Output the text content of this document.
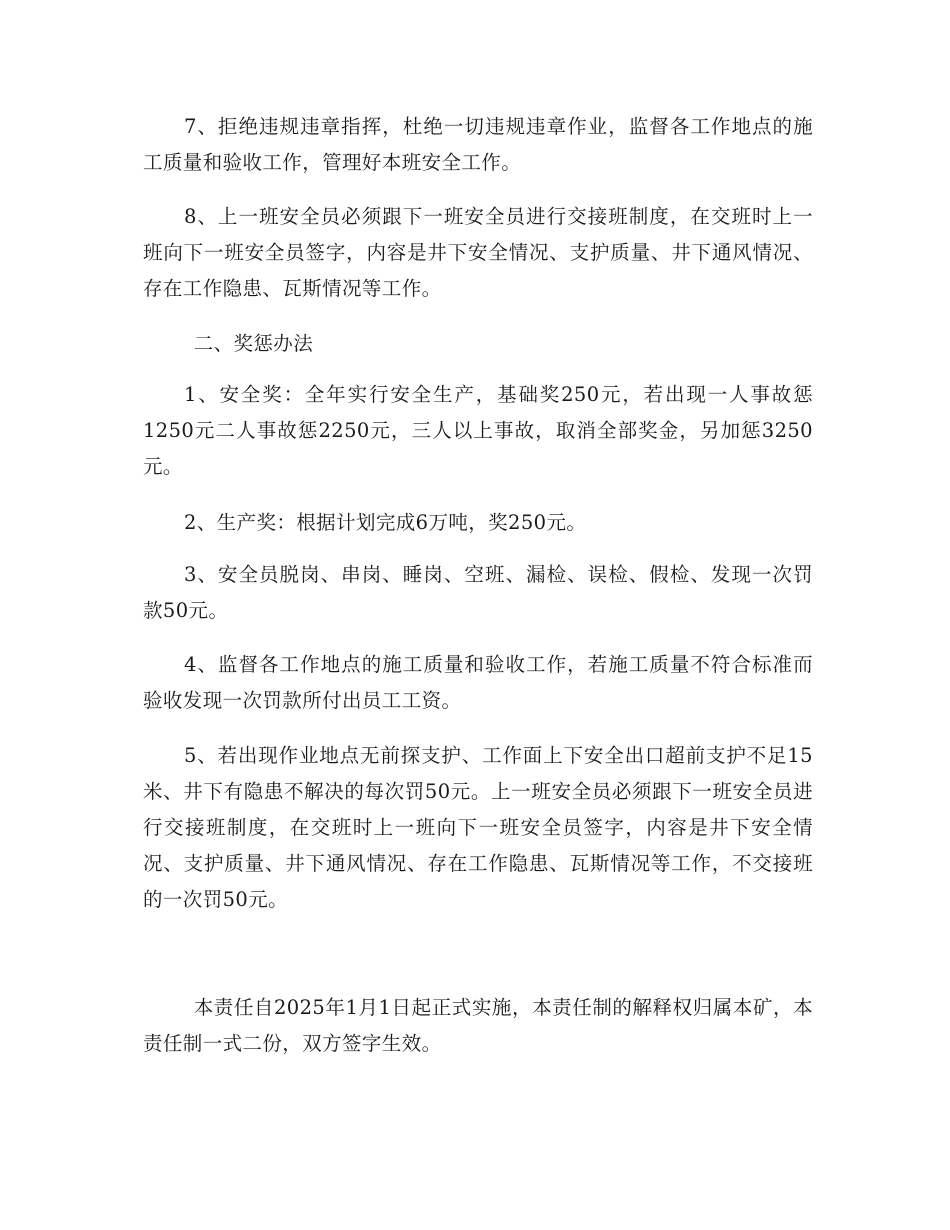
7、拒绝违规违章指挥，杜绝一切违规违章作业，监督各工作地点的施工质量和验收工作，管理好本班安全工作。

8、上一班安全员必须跟下一班安全员进行交接班制度，在交班时上一班向下一班安全员签字，内容是井下安全情况、支护质量、井下通风情况、存在工作隐患、瓦斯情况等工作。

二、奖惩办法

1、安全奖：全年实行安全生产，基础奖250元，若出现一人事故惩1250元二人事故惩2250元，三人以上事故，取消全部奖金，另加惩3250元。

2、生产奖：根据计划完成6万吨，奖250元。

3、安全员脱岗、串岗、睡岗、空班、漏检、误检、假检、发现一次罚款50元。

4、监督各工作地点的施工质量和验收工作，若施工质量不符合标准而验收发现一次罚款所付出员工工资。

5、若出现作业地点无前探支护、工作面上下安全出口超前支护不足15米、井下有隐患不解决的每次罚50元。上一班安全员必须跟下一班安全员进行交接班制度，在交班时上一班向下一班安全员签字，内容是井下安全情况、支护质量、井下通风情况、存在工作隐患、瓦斯情况等工作，不交接班的一次罚50元。

本责任自2025年1月1日起正式实施，本责任制的解释权归属本矿，本责任制一式二份，双方签字生效。
